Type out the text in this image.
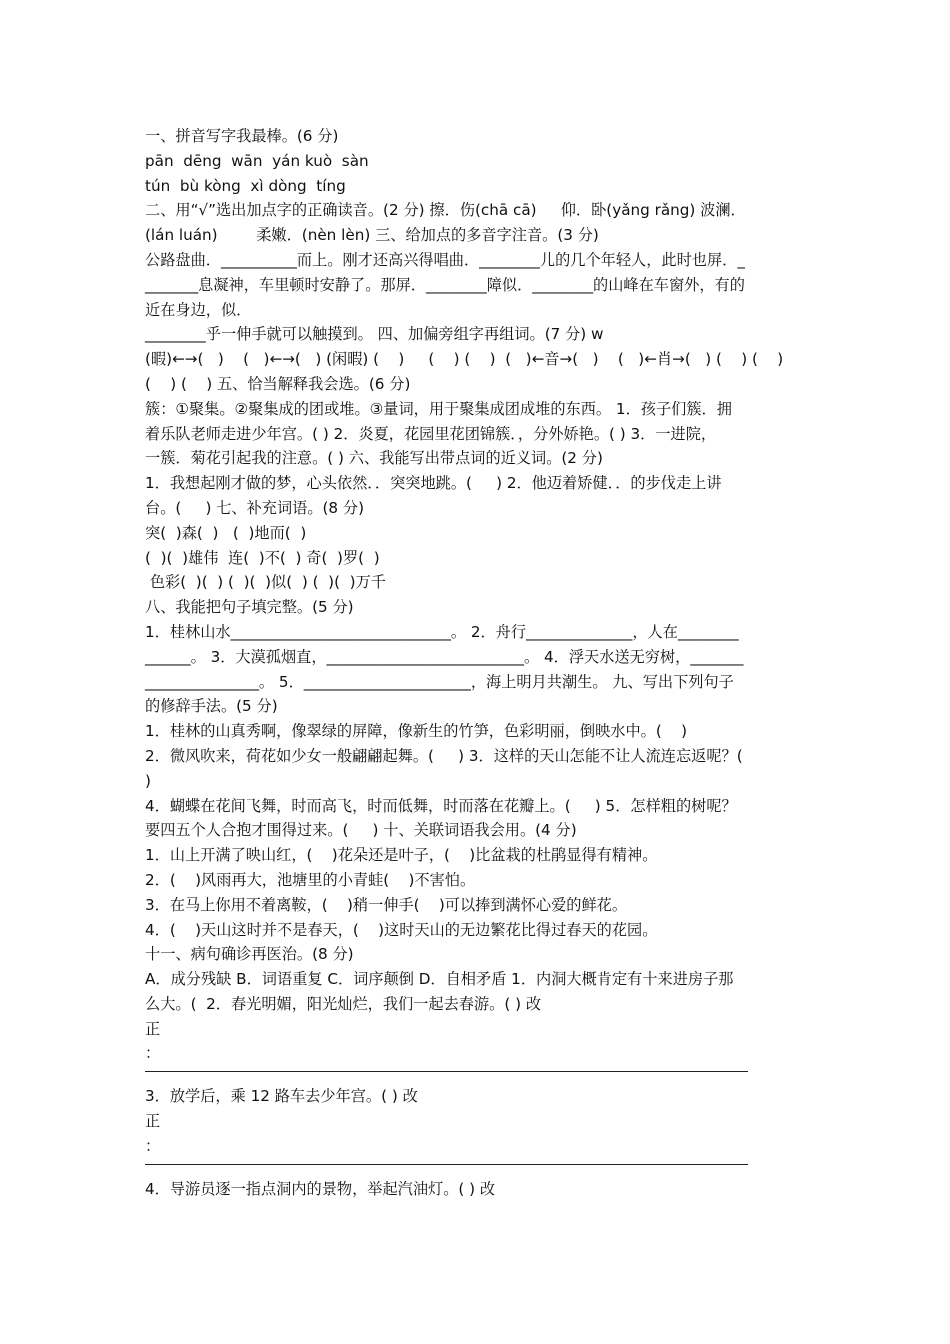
一、拼音写字我最棒。(6 分)
pān  dēng  wān  yán kuò  sàn
tún  bù kòng  xì dòng  tíng
二、用“√”选出加点字的正确读音。(2 分) 擦．伤(chā cā)     仰．卧(yǎng rǎng) 波澜．
(lán luán)        柔嫩．(nèn lèn) 三、给加点的多音字注音。(3 分)
公路盘曲．__________而上。刚才还高兴得唱曲．________儿的几个年轻人，此时也屏．_
_______息凝神，车里顿时安静了。那屏．________障似．________的山峰在车窗外，有的
近在身边，似．
________乎一伸手就可以触摸到。 四、加偏旁组字再组词。(7 分) w
(暇)←→(   )    (   )←→(   ) (闲暇) (    )     (    ) (    )  (   )←音→(   )    (   )←肖→(   ) (    ) (    )
(    ) (    ) 五、恰当解释我会选。(6 分)
簇：①聚集。②聚集成的团或堆。③量词，用于聚集成团成堆的东西。 1．孩子们簇．拥
着乐队老师走进少年宫。( ) 2．炎夏，花园里花团锦簇．，分外娇艳。( ) 3．一进院，
一簇．菊花引起我的注意。( ) 六、我能写出带点词的近义词。(2 分)
1．我想起刚才做的梦，心头依然．．突突地跳。(     ) 2．他迈着矫健．．的步伐走上讲
台。(     ) 七、补充词语。(8 分)
突(  )森(  )   (  )地而(  )
(  )(  )雄伟  连(  )不(  ) 奇(  )罗(  )
色彩(  )(  ) (  )(  )似(  ) (  )(  )万千
八、我能把句子填完整。(5 分)
1．桂林山水_____________________________。 2．舟行______________，人在________
______。 3．大漠孤烟直，__________________________。 4．浮天水送无穷树，_______
_______________。 5．______________________，海上明月共潮生。 九、写出下列句子
的修辞手法。(5 分)
1．桂林的山真秀啊，像翠绿的屏障，像新生的竹笋，色彩明丽，倒映水中。(    )
2．微风吹来，荷花如少女一般翩翩起舞。(     ) 3．这样的天山怎能不让人流连忘返呢？(
)
4．蝴蝶在花间飞舞，时而高飞，时而低舞，时而落在花瓣上。(     ) 5．怎样粗的树呢？
要四五个人合抱才围得过来。(     ) 十、关联词语我会用。(4 分)
1．山上开满了映山红，(    )花朵还是叶子，(    )比盆栽的杜鹃显得有精神。
2．(    )风雨再大，池塘里的小青蛙(    )不害怕。
3．在马上你用不着离鞍，(    )稍一伸手(    )可以捧到满怀心爱的鲜花。
4．(    )天山这时并不是春天，(    )这时天山的无边繁花比得过春天的花园。
十一、病句确诊再医治。(8 分)
A．成分残缺 B．词语重复 C．词序颠倒 D．自相矛盾 1．内洞大概肯定有十来进房子那
么大。(  2．春光明媚，阳光灿烂，我们一起去春游。( ) 改
正
：
3．放学后，乘 12 路车去少年宫。( ) 改
正
：
4．导游员逐一指点洞内的景物，举起汽油灯。( ) 改
